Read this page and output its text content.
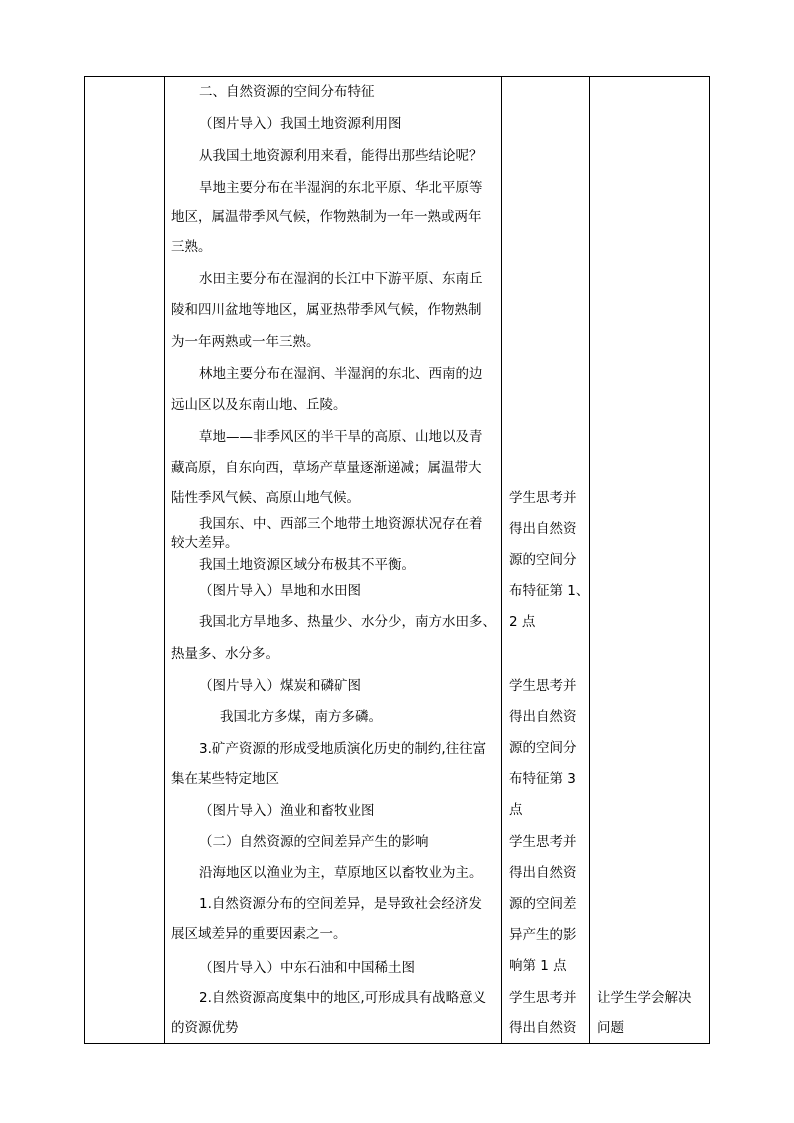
二、自然资源的空间分布特征
（图片导入）我国土地资源利用图
从我国土地资源利用来看，能得出那些结论呢？
旱地主要分布在半湿润的东北平原、华北平原等
地区，属温带季风气候，作物熟制为一年一熟或两年
三熟。
水田主要分布在湿润的长江中下游平原、东南丘
陵和四川盆地等地区，属亚热带季风气候，作物熟制
为一年两熟或一年三熟。
林地主要分布在湿润、半湿润的东北、西南的边
远山区以及东南山地、丘陵。
草地——非季风区的半干旱的高原、山地以及青
藏高原，自东向西，草场产草量逐渐递减；属温带大
陆性季风气候、高原山地气候。
我国东、中、西部三个地带土地资源状况存在着
较大差异。
我国土地资源区域分布极其不平衡。
（图片导入）旱地和水田图
我国北方旱地多、热量少、水分少，南方水田多、
热量多、水分多。
（图片导入）煤炭和磷矿图
我国北方多煤，南方多磷。
3.矿产资源的形成受地质演化历史的制约,往往富
集在某些特定地区
（图片导入）渔业和畜牧业图
（二）自然资源的空间差异产生的影响
沿海地区以渔业为主，草原地区以畜牧业为主。
1.自然资源分布的空间差异，是导致社会经济发
展区域差异的重要因素之一。
（图片导入）中东石油和中国稀土图
2.自然资源高度集中的地区,可形成具有战略意义
的资源优势
学生思考并
得出自然资
源的空间分
布特征第 1、
2 点
学生思考并
得出自然资
源的空间分
布特征第 3
点
学生思考并
得出自然资
源的空间差
异产生的影
响第 1 点
学生思考并
得出自然资
让学生学会解决
问题
